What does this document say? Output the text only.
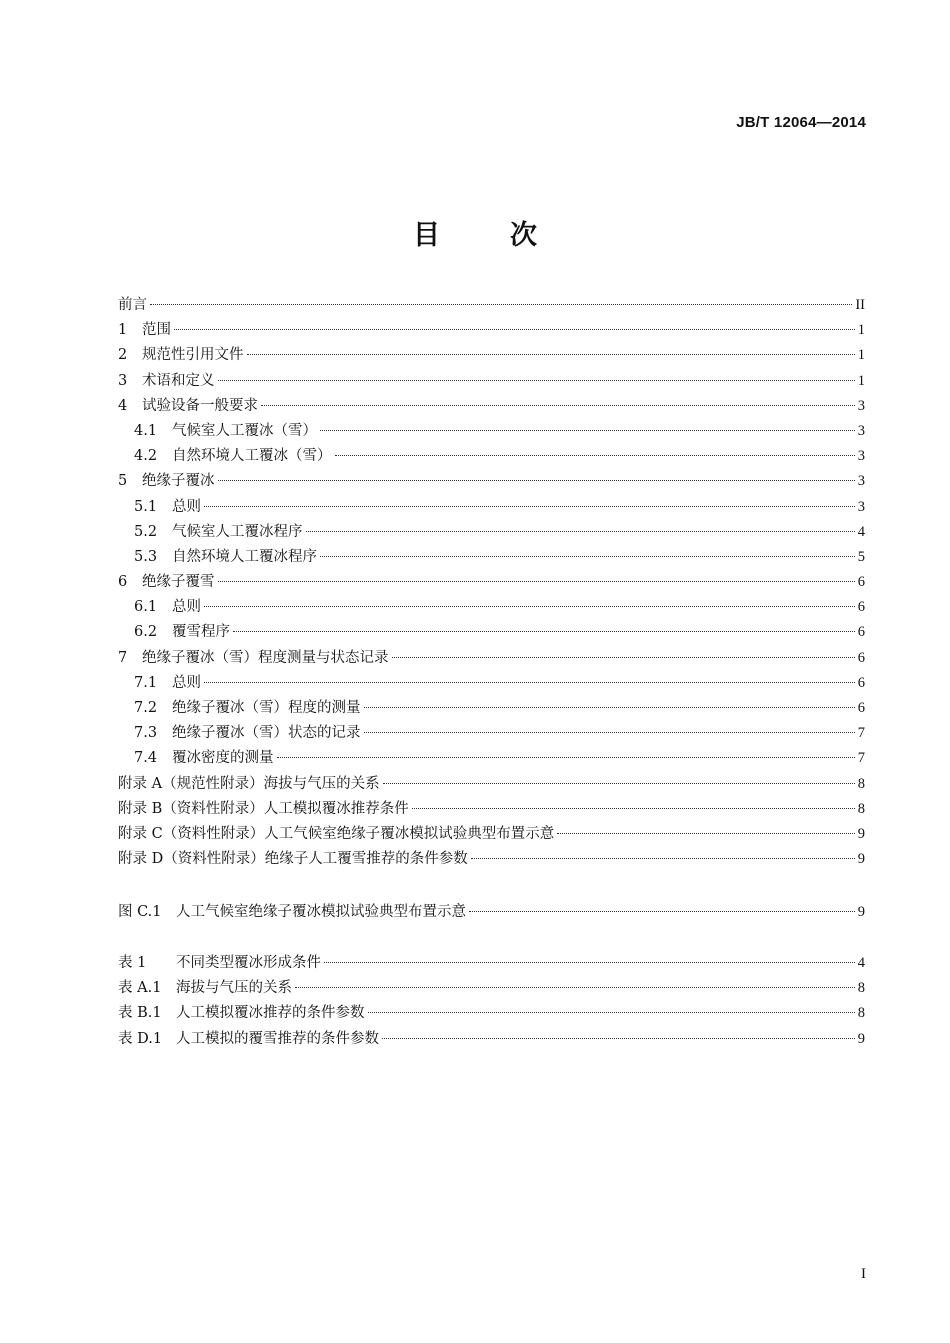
JB/T 12064—2014
目	次
前言	II
1	范围	1
2	规范性引用文件	1
3	术语和定义	1
4	试验设备一般要求	3
4.1	气候室人工覆冰（雪）	3
4.2	自然环境人工覆冰（雪）	3
5	绝缘子覆冰	3
5.1	总则	3
5.2	气候室人工覆冰程序	4
5.3	自然环境人工覆冰程序	5
6	绝缘子覆雪	6
6.1	总则	6
6.2	覆雪程序	6
7	绝缘子覆冰（雪）程度测量与状态记录	6
7.1	总则	6
7.2	绝缘子覆冰（雪）程度的测量	6
7.3	绝缘子覆冰（雪）状态的记录	7
7.4	覆冰密度的测量	7
附录 A（规范性附录）海拔与气压的关系	8
附录 B（资料性附录）人工模拟覆冰推荐条件	8
附录 C（资料性附录）人工气候室绝缘子覆冰模拟试验典型布置示意	9
附录 D（资料性附录）绝缘子人工覆雪推荐的条件参数	9
图 C.1 人工气候室绝缘子覆冰模拟试验典型布置示意	9
表 1	不同类型覆冰形成条件	4
表 A.1	海拔与气压的关系	8
表 B.1 人工模拟覆冰推荐的条件参数	8
表 D.1 人工模拟的覆雪推荐的条件参数	9
I
